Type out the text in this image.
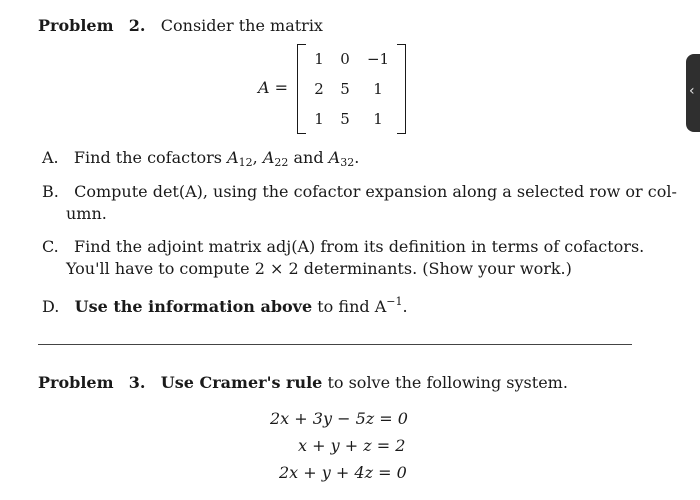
Problem 2. Consider the matrix
A =
1	0	−1
2	5	1
1	5	1
A. Find the cofactors $A_{12}$, $A_{22}$ and $A_{32}$.
B. Compute det(A), using the cofactor expansion along a selected row or col-
umn.
C. Find the adjoint matrix adj(A) from its definition in terms of cofactors.
You'll have to compute 2 × 2 determinants. (Show your work.)
D. Use the information above to find $A^{-1}$.
Problem 3. Use Cramer's rule to solve the following system.
2x + 3y − 5z = 0
x + y + z = 2
2x + y + 4z = 0
‹
